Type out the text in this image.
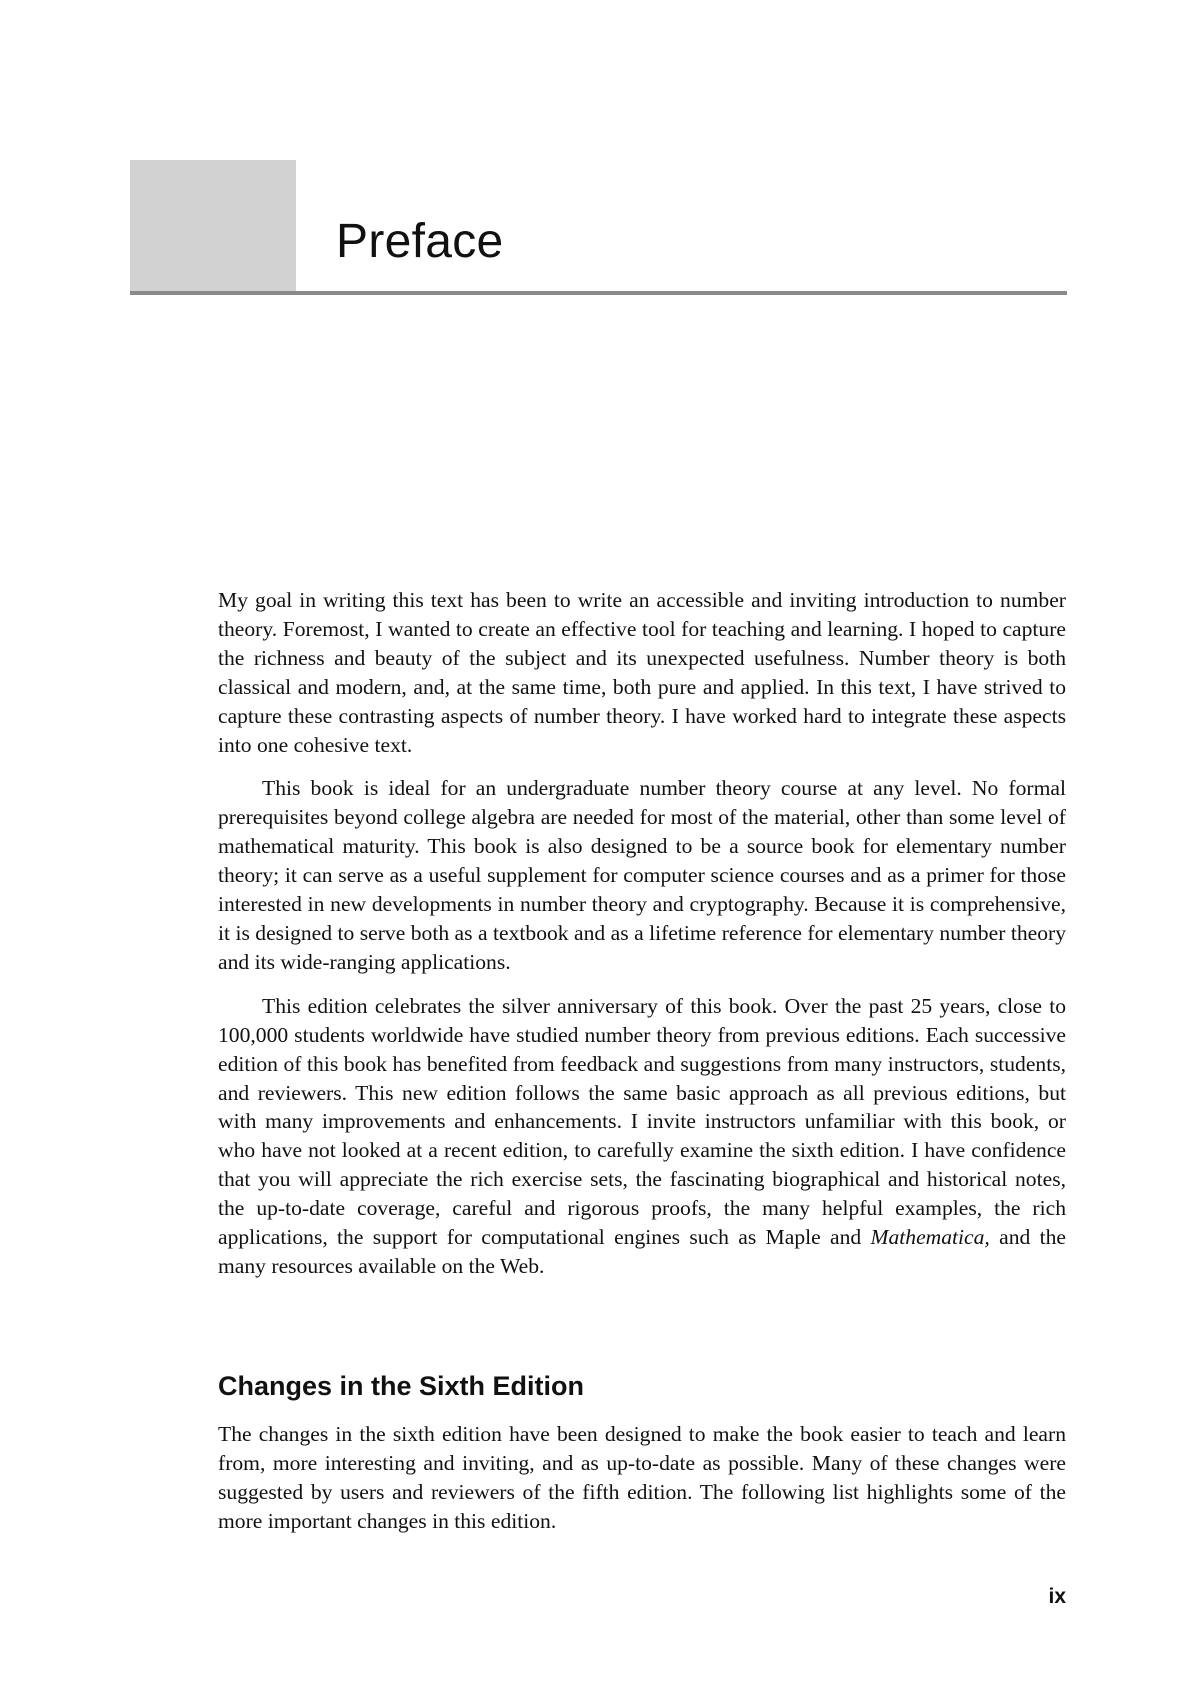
Preface

My goal in writing this text has been to write an accessible and inviting introduction to number theory. Foremost, I wanted to create an effective tool for teaching and learning. I hoped to capture the richness and beauty of the subject and its unexpected usefulness. Number theory is both classical and modern, and, at the same time, both pure and applied. In this text, I have strived to capture these contrasting aspects of number theory. I have worked hard to integrate these aspects into one cohesive text.

This book is ideal for an undergraduate number theory course at any level. No formal prerequisites beyond college algebra are needed for most of the material, other than some level of mathematical maturity. This book is also designed to be a source book for elementary number theory; it can serve as a useful supplement for computer science courses and as a primer for those interested in new developments in number theory and cryptography. Because it is comprehensive, it is designed to serve both as a textbook and as a lifetime reference for elementary number theory and its wide-ranging applications.

This edition celebrates the silver anniversary of this book. Over the past 25 years, close to 100,000 students worldwide have studied number theory from previous editions. Each successive edition of this book has benefited from feedback and suggestions from many instructors, students, and reviewers. This new edition follows the same basic approach as all previous editions, but with many improvements and enhancements. I invite instructors unfamiliar with this book, or who have not looked at a recent edition, to carefully examine the sixth edition. I have confidence that you will appreciate the rich exercise sets, the fascinating biographical and historical notes, the up-to-date coverage, careful and rigorous proofs, the many helpful examples, the rich applications, the support for computational engines such as Maple and Mathematica, and the many resources available on the Web.

Changes in the Sixth Edition

The changes in the sixth edition have been designed to make the book easier to teach and learn from, more interesting and inviting, and as up-to-date as possible. Many of these changes were suggested by users and reviewers of the fifth edition. The following list highlights some of the more important changes in this edition.

ix
